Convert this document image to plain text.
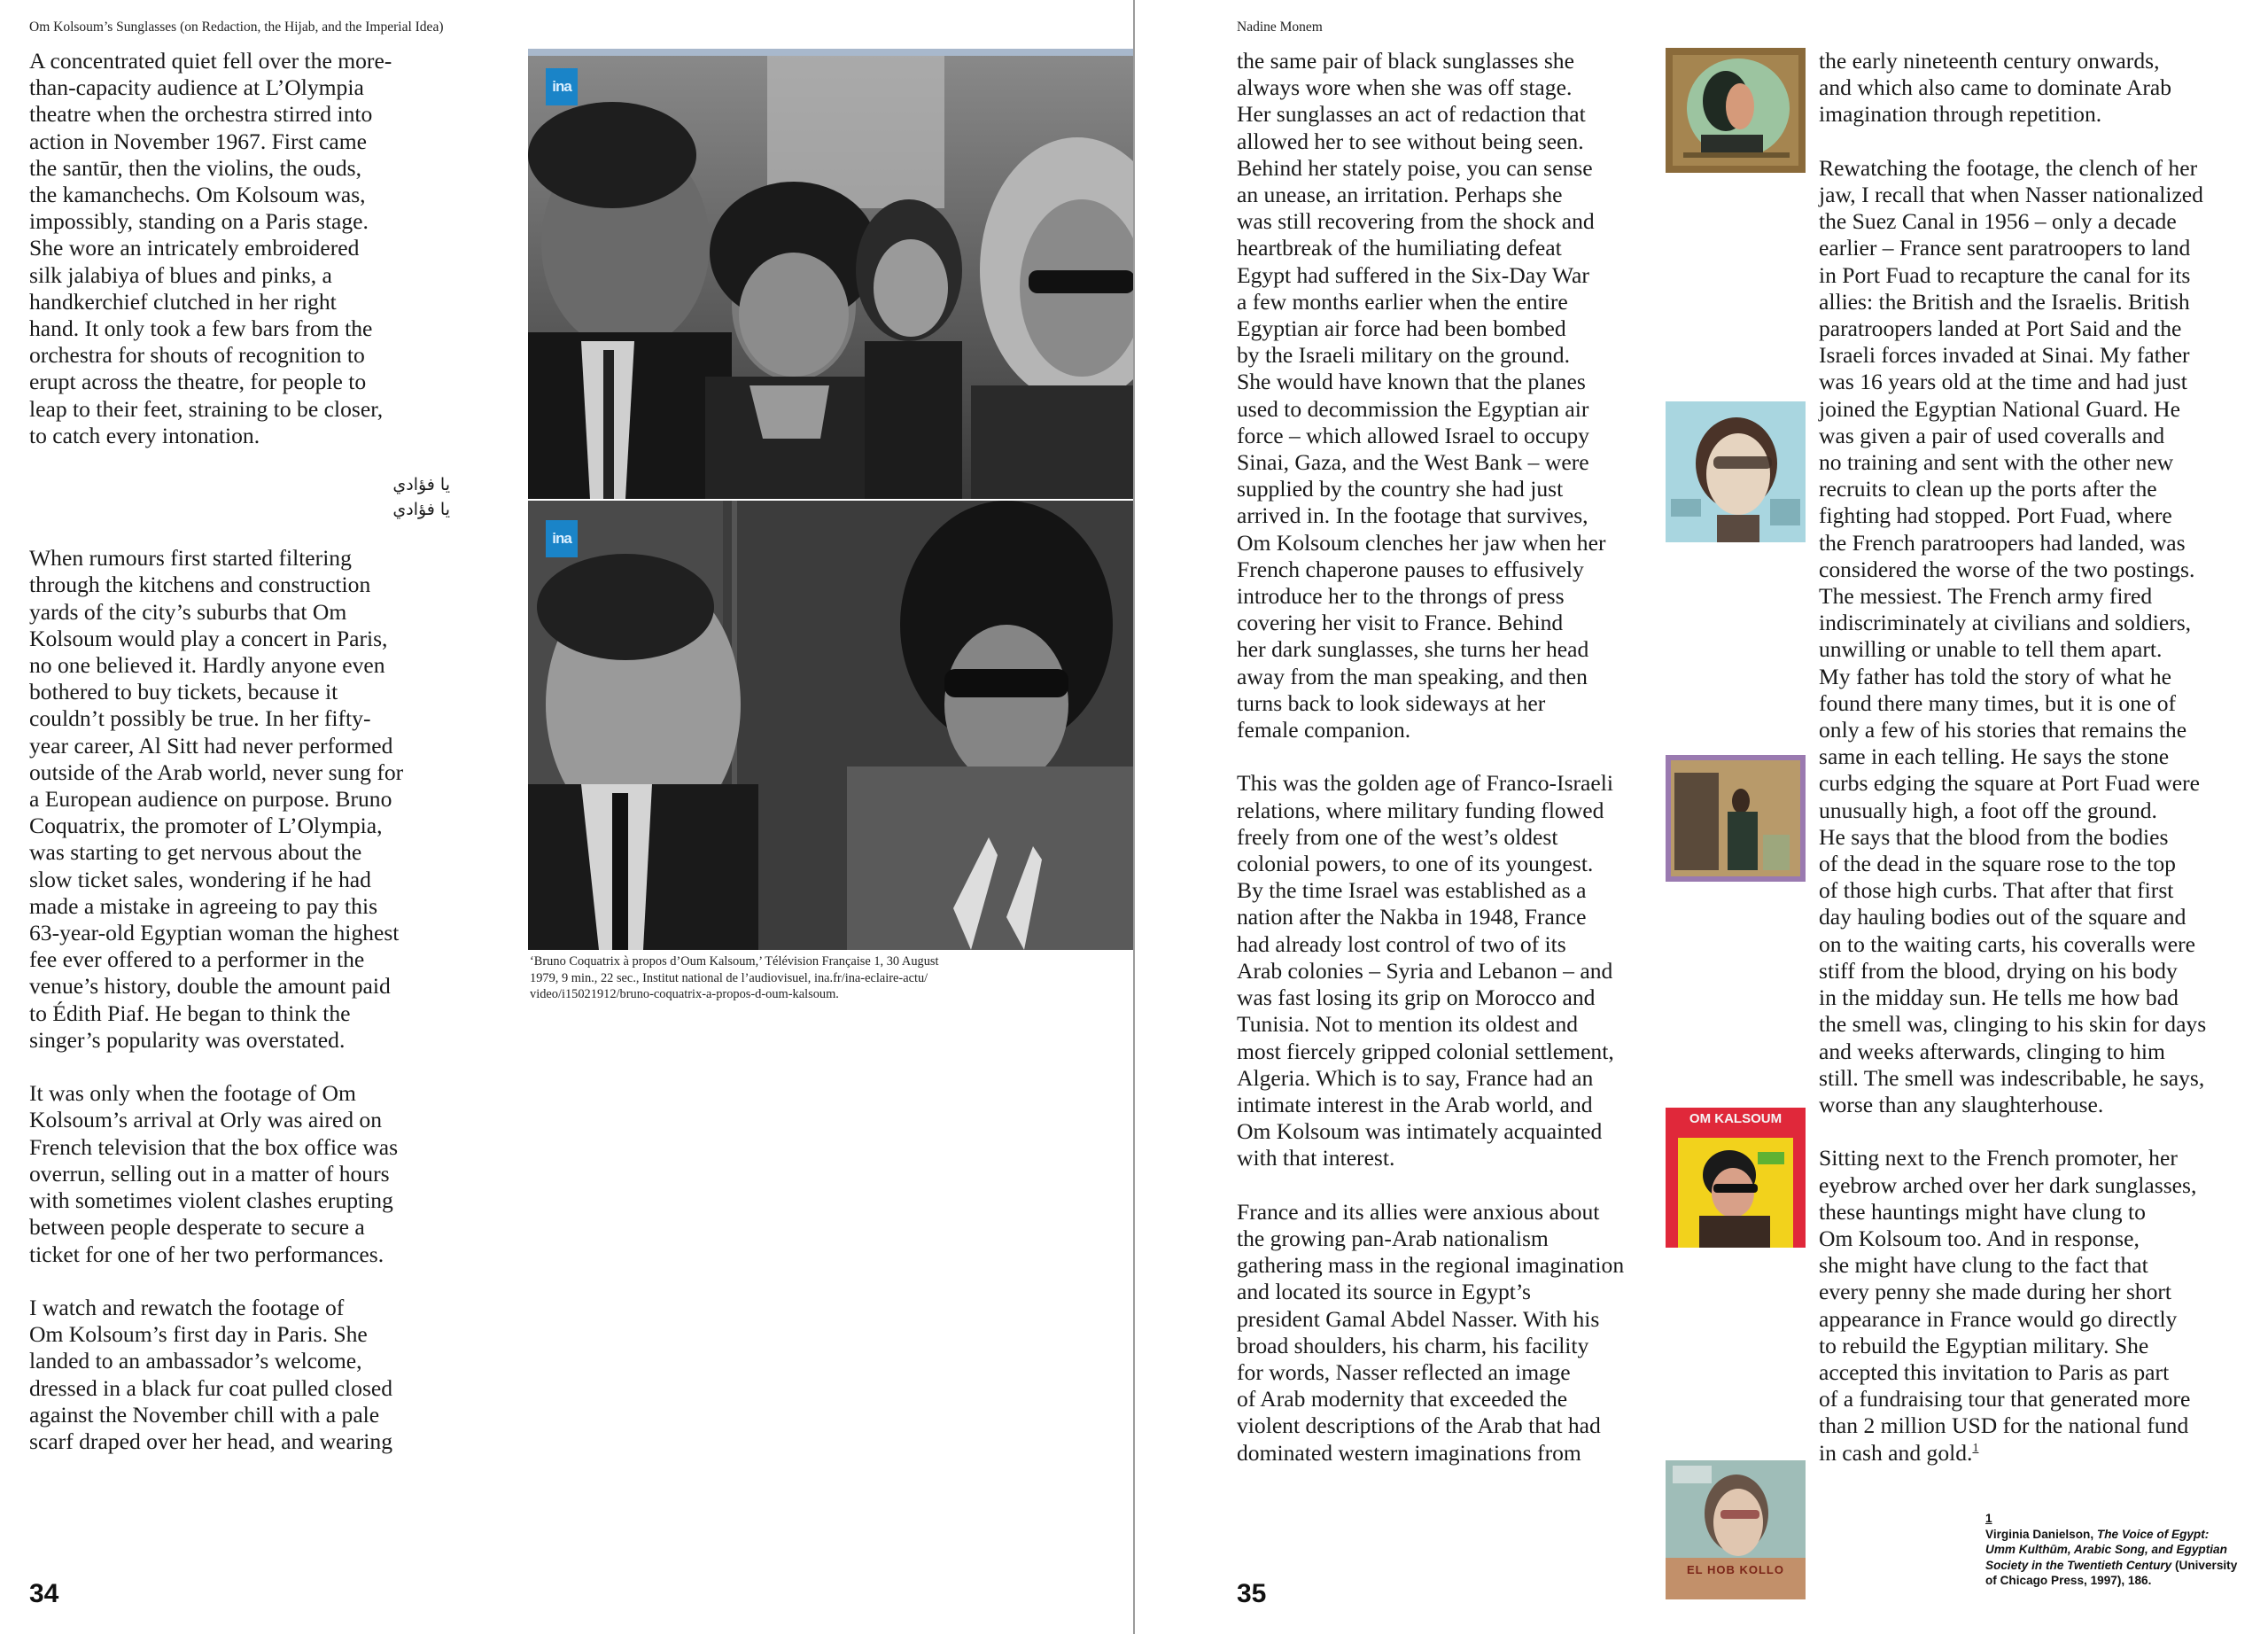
Om Kolsoum’s Sunglasses (on Redaction, the Hijab, and the Imperial Idea)

A concentrated quiet fell over the more-
than-capacity audience at L’Olympia
theatre when the orchestra stirred into
action in November 1967. First came
the santūr, then the violins, the ouds,
the kamanchechs. Om Kolsoum was,
impossibly, standing on a Paris stage.
She wore an intricately embroidered
silk jalabiya of blues and pinks, a
handkerchief clutched in her right
hand. It only took a few bars from the
orchestra for shouts of recognition to
erupt across the theatre, for people to
leap to their feet, straining to be closer,
to catch every intonation.

يا فؤادي
يا فؤادي

When rumours first started filtering
through the kitchens and construction
yards of the city’s suburbs that Om
Kolsoum would play a concert in Paris,
no one believed it. Hardly anyone even
bothered to buy tickets, because it
couldn’t possibly be true. In her fifty-
year career, Al Sitt had never performed
outside of the Arab world, never sung for
a European audience on purpose. Bruno
Coquatrix, the promoter of L’Olympia,
was starting to get nervous about the
slow ticket sales, wondering if he had
made a mistake in agreeing to pay this
63-year-old Egyptian woman the highest
fee ever offered to a performer in the
venue’s history, double the amount paid
to Édith Piaf. He began to think the
singer’s popularity was overstated.

It was only when the footage of Om
Kolsoum’s arrival at Orly was aired on
French television that the box office was
overrun, selling out in a matter of hours
with sometimes violent clashes erupting
between people desperate to secure a
ticket for one of her two performances.

I watch and rewatch the footage of
Om Kolsoum’s first day in Paris. She
landed to an ambassador’s welcome,
dressed in a black fur coat pulled closed
against the November chill with a pale
scarf draped over her head, and wearing

ina
ina
‘Bruno Coquatrix à propos d’Oum Kalsoum,’ Télévision Française 1, 30 August
1979, 9 min., 22 sec., Institut national de l’audiovisuel, ina.fr/ina-eclaire-actu/
video/i15021912/bruno-coquatrix-a-propos-d-oum-kalsoum.
34
Nadine Monem

the same pair of black sunglasses she
always wore when she was off stage.
Her sunglasses an act of redaction that
allowed her to see without being seen.
Behind her stately poise, you can sense
an unease, an irritation. Perhaps she
was still recovering from the shock and
heartbreak of the humiliating defeat
Egypt had suffered in the Six-Day War
a few months earlier when the entire
Egyptian air force had been bombed
by the Israeli military on the ground.
She would have known that the planes
used to decommission the Egyptian air
force – which allowed Israel to occupy
Sinai, Gaza, and the West Bank – were
supplied by the country she had just
arrived in. In the footage that survives,
Om Kolsoum clenches her jaw when her
French chaperone pauses to effusively
introduce her to the throngs of press
covering her visit to France. Behind
her dark sunglasses, she turns her head
away from the man speaking, and then
turns back to look sideways at her
female companion.

This was the golden age of Franco-Israeli
relations, where military funding flowed
freely from one of the west’s oldest
colonial powers, to one of its youngest.
By the time Israel was established as a
nation after the Nakba in 1948, France
had already lost control of two of its
Arab colonies – Syria and Lebanon – and
was fast losing its grip on Morocco and
Tunisia. Not to mention its oldest and
most fiercely gripped colonial settlement,
Algeria. Which is to say, France had an
intimate interest in the Arab world, and
Om Kolsoum was intimately acquainted
with that interest.

France and its allies were anxious about
the growing pan-Arab nationalism
gathering mass in the regional imagination
and located its source in Egypt’s
president Gamal Abdel Nasser. With his
broad shoulders, his charm, his facility
for words, Nasser reflected an image
of Arab modernity that exceeded the
violent descriptions of the Arab that had
dominated western imaginations from

the early nineteenth century onwards,
and which also came to dominate Arab
imagination through repetition.

Rewatching the footage, the clench of her
jaw, I recall that when Nasser nationalized
the Suez Canal in 1956 – only a decade
earlier – France sent paratroopers to land
in Port Fuad to recapture the canal for its
allies: the British and the Israelis. British
paratroopers landed at Port Said and the
Israeli forces invaded at Sinai. My father
was 16 years old at the time and had just
joined the Egyptian National Guard. He
was given a pair of used coveralls and
no training and sent with the other new
recruits to clean up the ports after the
fighting had stopped. Port Fuad, where
the French paratroopers had landed, was
considered the worse of the two postings.
The messiest. The French army fired
indiscriminately at civilians and soldiers,
unwilling or unable to tell them apart.
My father has told the story of what he
found there many times, but it is one of
only a few of his stories that remains the
same in each telling. He says the stone
curbs edging the square at Port Fuad were
unusually high, a foot off the ground.
He says that the blood from the bodies
of the dead in the square rose to the top
of those high curbs. That after that first
day hauling bodies out of the square and
on to the waiting carts, his coveralls were
stiff from the blood, drying on his body
in the midday sun. He tells me how bad
the smell was, clinging to his skin for days
and weeks afterwards, clinging to him
still. The smell was indescribable, he says,
worse than any slaughterhouse.

Sitting next to the French promoter, her
eyebrow arched over her dark sunglasses,
these hauntings might have clung to
Om Kolsoum too. And in response,
she might have clung to the fact that
every penny she made during her short
appearance in France would go directly
to rebuild the Egyptian military. She
accepted this invitation to Paris as part
of a fundraising tour that generated more
than 2 million USD for the national fund
in cash and gold.$^1$

OM KALSOUM
EL HOB KOLLO
1
Virginia Danielson, The Voice of Egypt: Umm Kulthūm, Arabic Song, and Egyptian Society in the Twentieth Century (University of Chicago Press, 1997), 186.
35
